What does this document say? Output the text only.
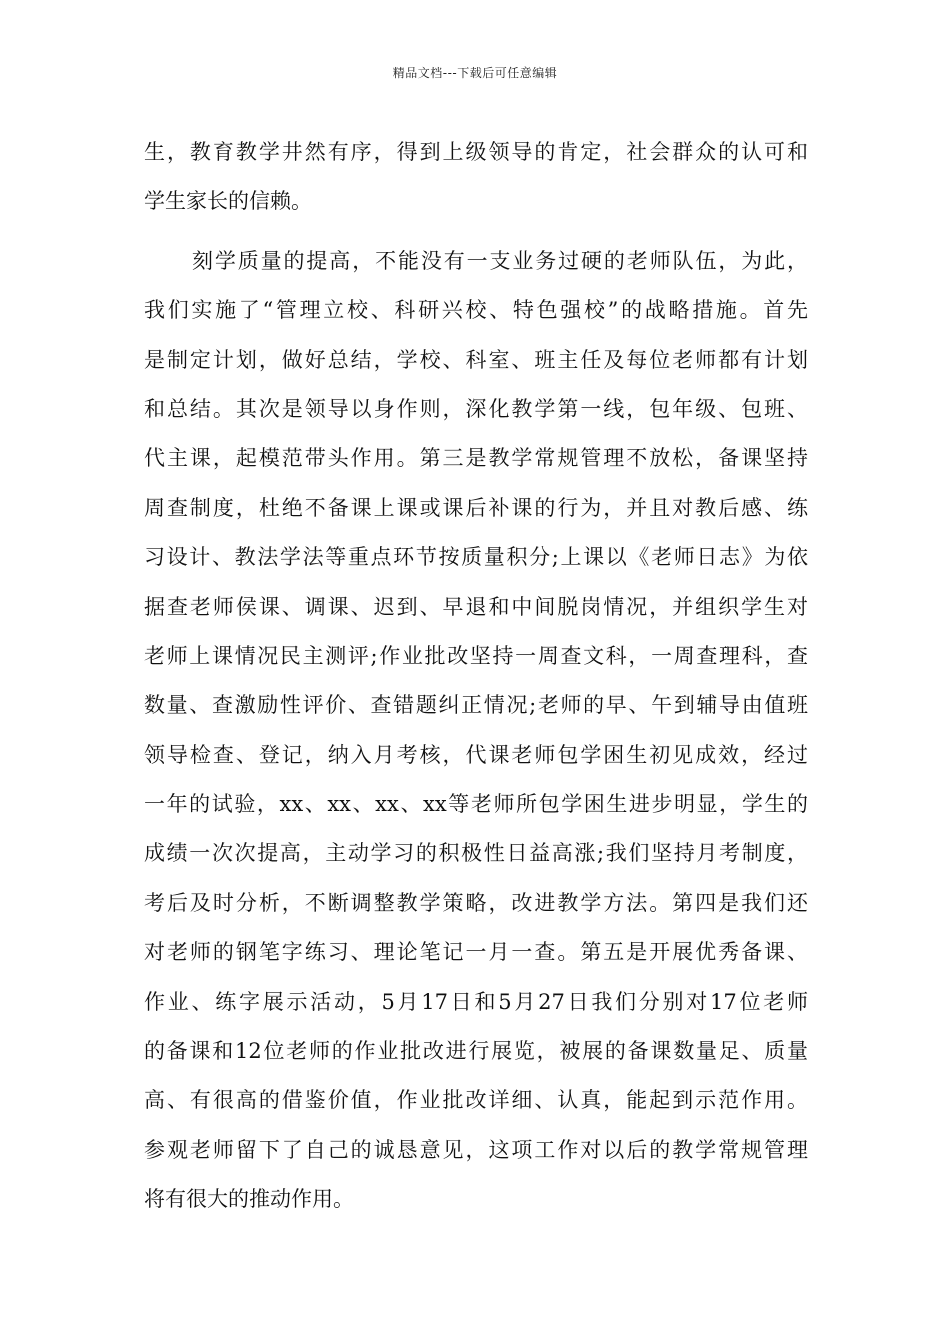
精品文档---下载后可任意编辑
生，教育教学井然有序，得到上级领导的肯定，社会群众的认可和
学生家长的信赖。
刻学质量的提高，不能没有一支业务过硬的老师队伍，为此，
我们实施了“管理立校、科研兴校、特色强校”的战略措施。首先
是制定计划，做好总结，学校、科室、班主任及每位老师都有计划
和总结。其次是领导以身作则，深化教学第一线，包年级、包班、
代主课，起模范带头作用。第三是教学常规管理不放松，备课坚持
周查制度，杜绝不备课上课或课后补课的行为，并且对教后感、练
习设计、教法学法等重点环节按质量积分;上课以《老师日志》为依
据查老师侯课、调课、迟到、早退和中间脱岗情况，并组织学生对
老师上课情况民主测评;作业批改坚持一周查文科，一周查理科，查
数量、查激励性评价、查错题纠正情况;老师的早、午到辅导由值班
领导检查、登记，纳入月考核，代课老师包学困生初见成效，经过
一年的试验，xx、xx、xx、xx等老师所包学困生进步明显，学生的
成绩一次次提高，主动学习的积极性日益高涨;我们坚持月考制度，
考后及时分析，不断调整教学策略，改进教学方法。第四是我们还
对老师的钢笔字练习、理论笔记一月一查。第五是开展优秀备课、
作业、练字展示活动，5月17日和5月27日我们分别对17位老师
的备课和12位老师的作业批改进行展览，被展的备课数量足、质量
高、有很高的借鉴价值，作业批改详细、认真，能起到示范作用。
参观老师留下了自己的诚恳意见，这项工作对以后的教学常规管理
将有很大的推动作用。
